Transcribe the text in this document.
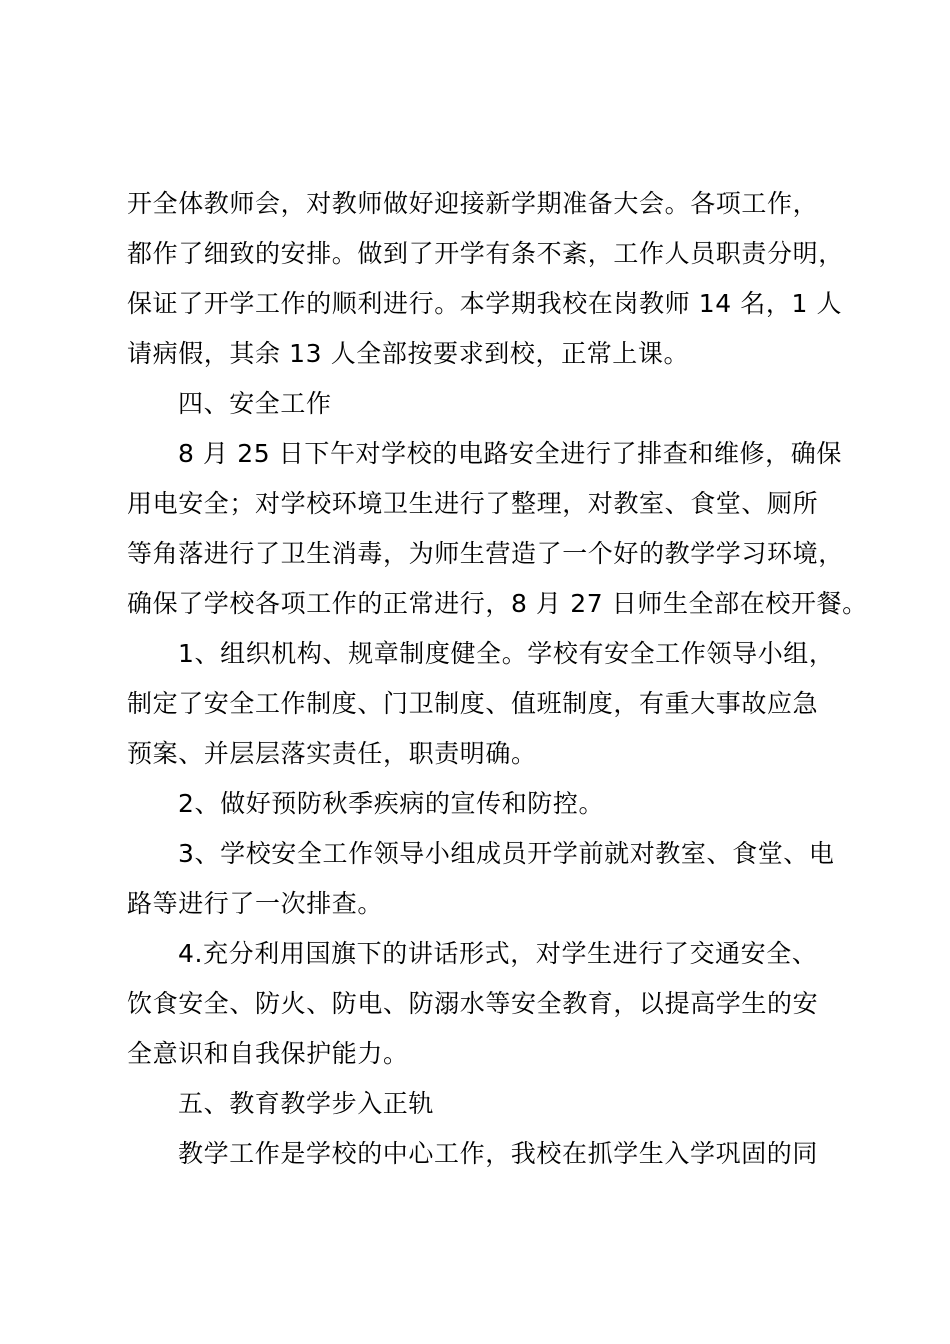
开全体教师会，对教师做好迎接新学期准备大会。各项工作，
都作了细致的安排。做到了开学有条不紊，工作人员职责分明，
保证了开学工作的顺利进行。本学期我校在岗教师 14 名，1 人
请病假，其余 13 人全部按要求到校，正常上课。
四、安全工作
8 月 25 日下午对学校的电路安全进行了排查和维修，确保
用电安全；对学校环境卫生进行了整理，对教室、食堂、厕所
等角落进行了卫生消毒，为师生营造了一个好的教学学习环境，
确保了学校各项工作的正常进行，8 月 27 日师生全部在校开餐。
1、组织机构、规章制度健全。学校有安全工作领导小组，
制定了安全工作制度、门卫制度、值班制度，有重大事故应急
预案、并层层落实责任，职责明确。
2、做好预防秋季疾病的宣传和防控。
3、学校安全工作领导小组成员开学前就对教室、食堂、电
路等进行了一次排查。
4.充分利用国旗下的讲话形式，对学生进行了交通安全、
饮食安全、防火、防电、防溺水等安全教育，以提高学生的安
全意识和自我保护能力。
五、教育教学步入正轨
教学工作是学校的中心工作，我校在抓学生入学巩固的同
